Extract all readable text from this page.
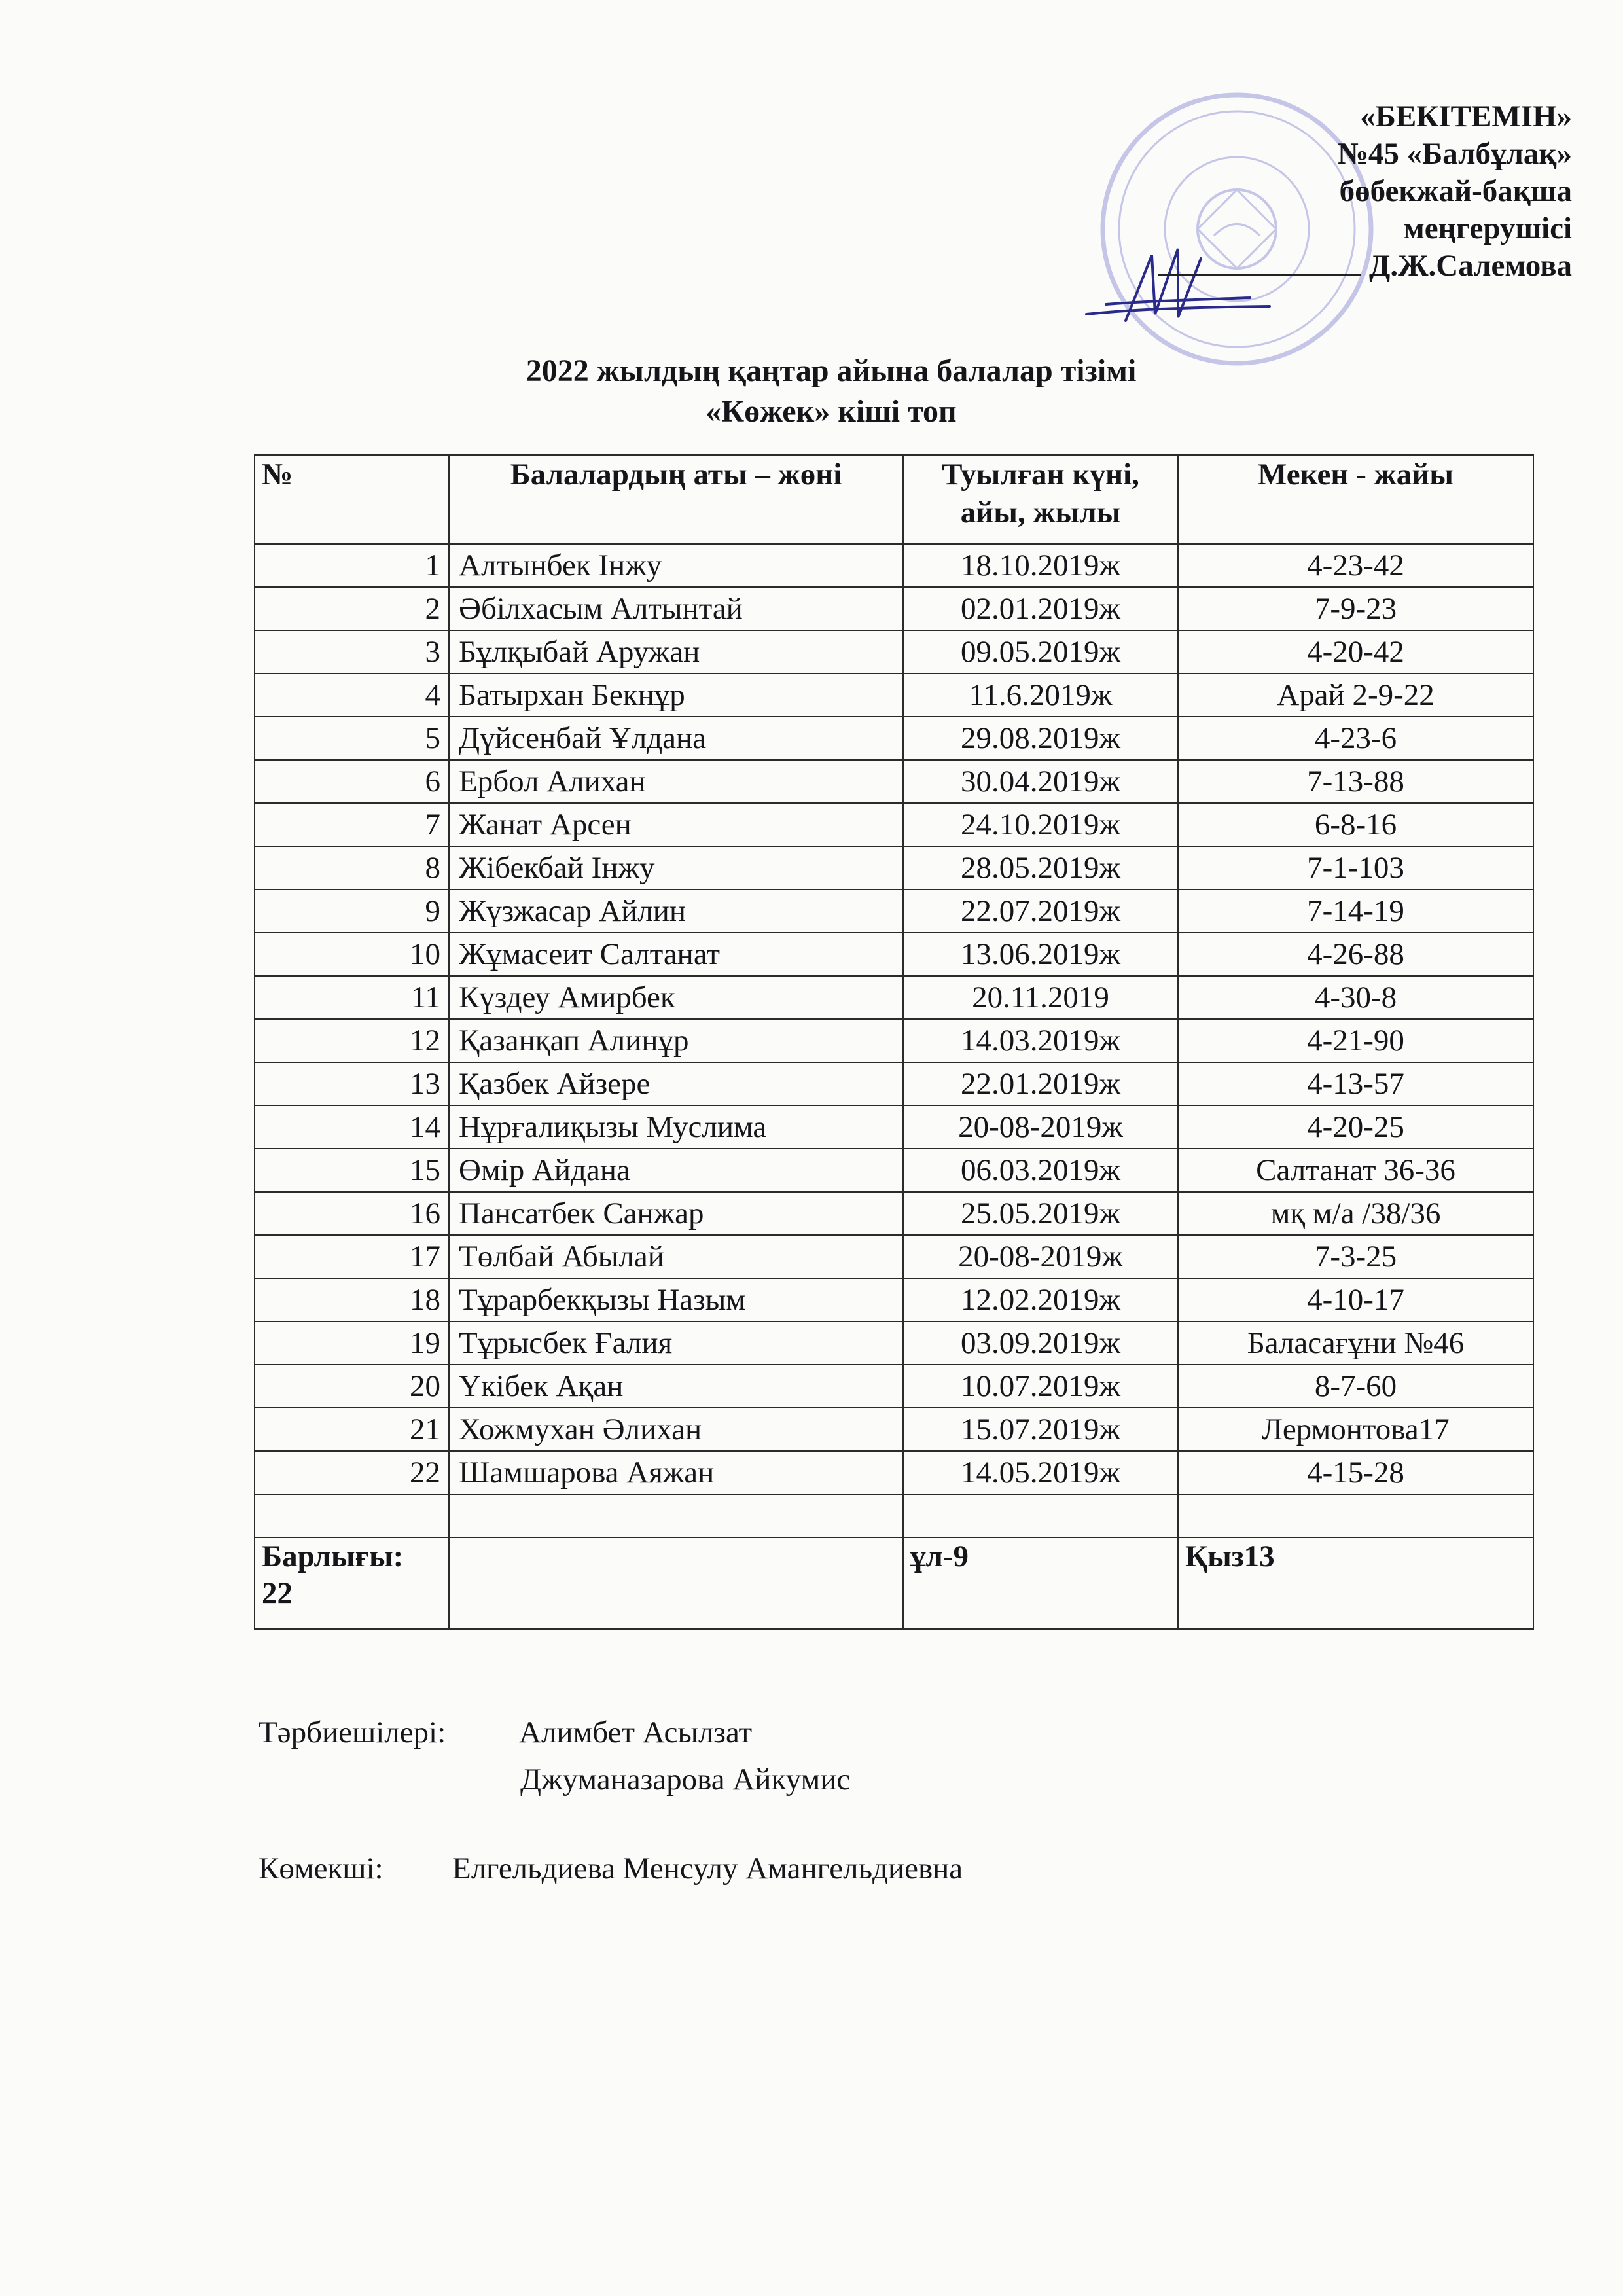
«БЕКІТЕМІН»
№45 «Балбұлақ»
бөбекжай-бақша
меңгерушісі
Д.Ж.Салемова
2022 жылдың қаңтар айына балалар тізімі
«Көжек» кіші топ
№	Балалардың аты – жөні	Туылған күні, айы, жылы	Мекен - жайы
1	Алтынбек Інжу	18.10.2019ж	4-23-42
2	Әбілхасым Алтынтай	02.01.2019ж	7-9-23
3	Бұлқыбай Аружан	09.05.2019ж	4-20-42
4	Батырхан Бекнұр	11.6.2019ж	Арай 2-9-22
5	Дүйсенбай Ұлдана	29.08.2019ж	4-23-6
6	Ербол Алихан	30.04.2019ж	7-13-88
7	Жанат Арсен	24.10.2019ж	6-8-16
8	Жібекбай Інжу	28.05.2019ж	7-1-103
9	Жүзжасар Айлин	22.07.2019ж	7-14-19
10	Жұмасеит Салтанат	13.06.2019ж	4-26-88
11	Күздеу Амирбек	20.11.2019	4-30-8
12	Қазанқап Алинұр	14.03.2019ж	4-21-90
13	Қазбек Айзере	22.01.2019ж	4-13-57
14	Нұрғалиқызы Муслима	20-08-2019ж	4-20-25
15	Өмір Айдана	06.03.2019ж	Салтанат 36-36
16	Пансатбек Санжар	25.05.2019ж	мқ м/а /38/36
17	Төлбай Абылай	20-08-2019ж	7-3-25
18	Тұрарбекқызы Назым	12.02.2019ж	4-10-17
19	Тұрысбек Ғалия	03.09.2019ж	Баласағұни №46
20	Үкібек Ақан	10.07.2019ж	8-7-60
21	Хожмухан Әлихан	15.07.2019ж	Лермонтова17
22	Шамшарова Аяжан	14.05.2019ж	4-15-28

Барлығы: 22		ұл-9	Қыз13
Тәрбиешілері: Алимбет Асылзат
Джуманазарова Айкумис
Көмекші: Елгельдиева Менсулу Амангельдиевна
